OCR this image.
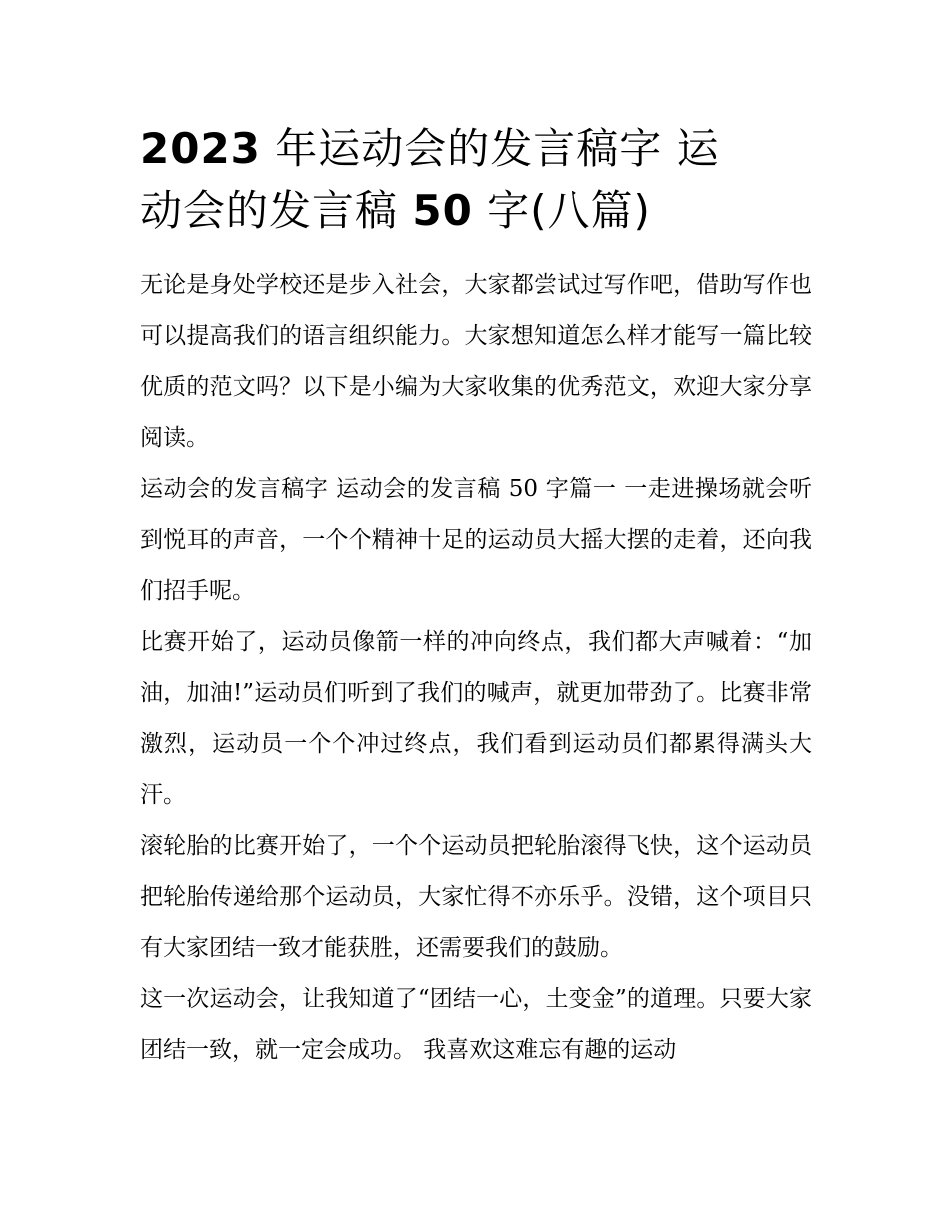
2023 年运动会的发言稿字 运
动会的发言稿 50 字(八篇)

无论是身处学校还是步入社会，大家都尝试过写作吧，借助写作也可以提高我们的语言组织能力。大家想知道怎么样才能写一篇比较优质的范文吗？以下是小编为大家收集的优秀范文，欢迎大家分享阅读。

运动会的发言稿字 运动会的发言稿 50 字篇一 一走进操场就会听到悦耳的声音，一个个精神十足的运动员大摇大摆的走着，还向我们招手呢。

比赛开始了，运动员像箭一样的冲向终点，我们都大声喊着：“加油，加油!”运动员们听到了我们的喊声，就更加带劲了。比赛非常激烈，运动员一个个冲过终点，我们看到运动员们都累得满头大汗。

滚轮胎的比赛开始了，一个个运动员把轮胎滚得飞快，这个运动员把轮胎传递给那个运动员，大家忙得不亦乐乎。没错，这个项目只有大家团结一致才能获胜，还需要我们的鼓励。

这一次运动会，让我知道了“团结一心，土变金”的道理。只要大家团结一致，就一定会成功。 我喜欢这难忘有趣的运动
